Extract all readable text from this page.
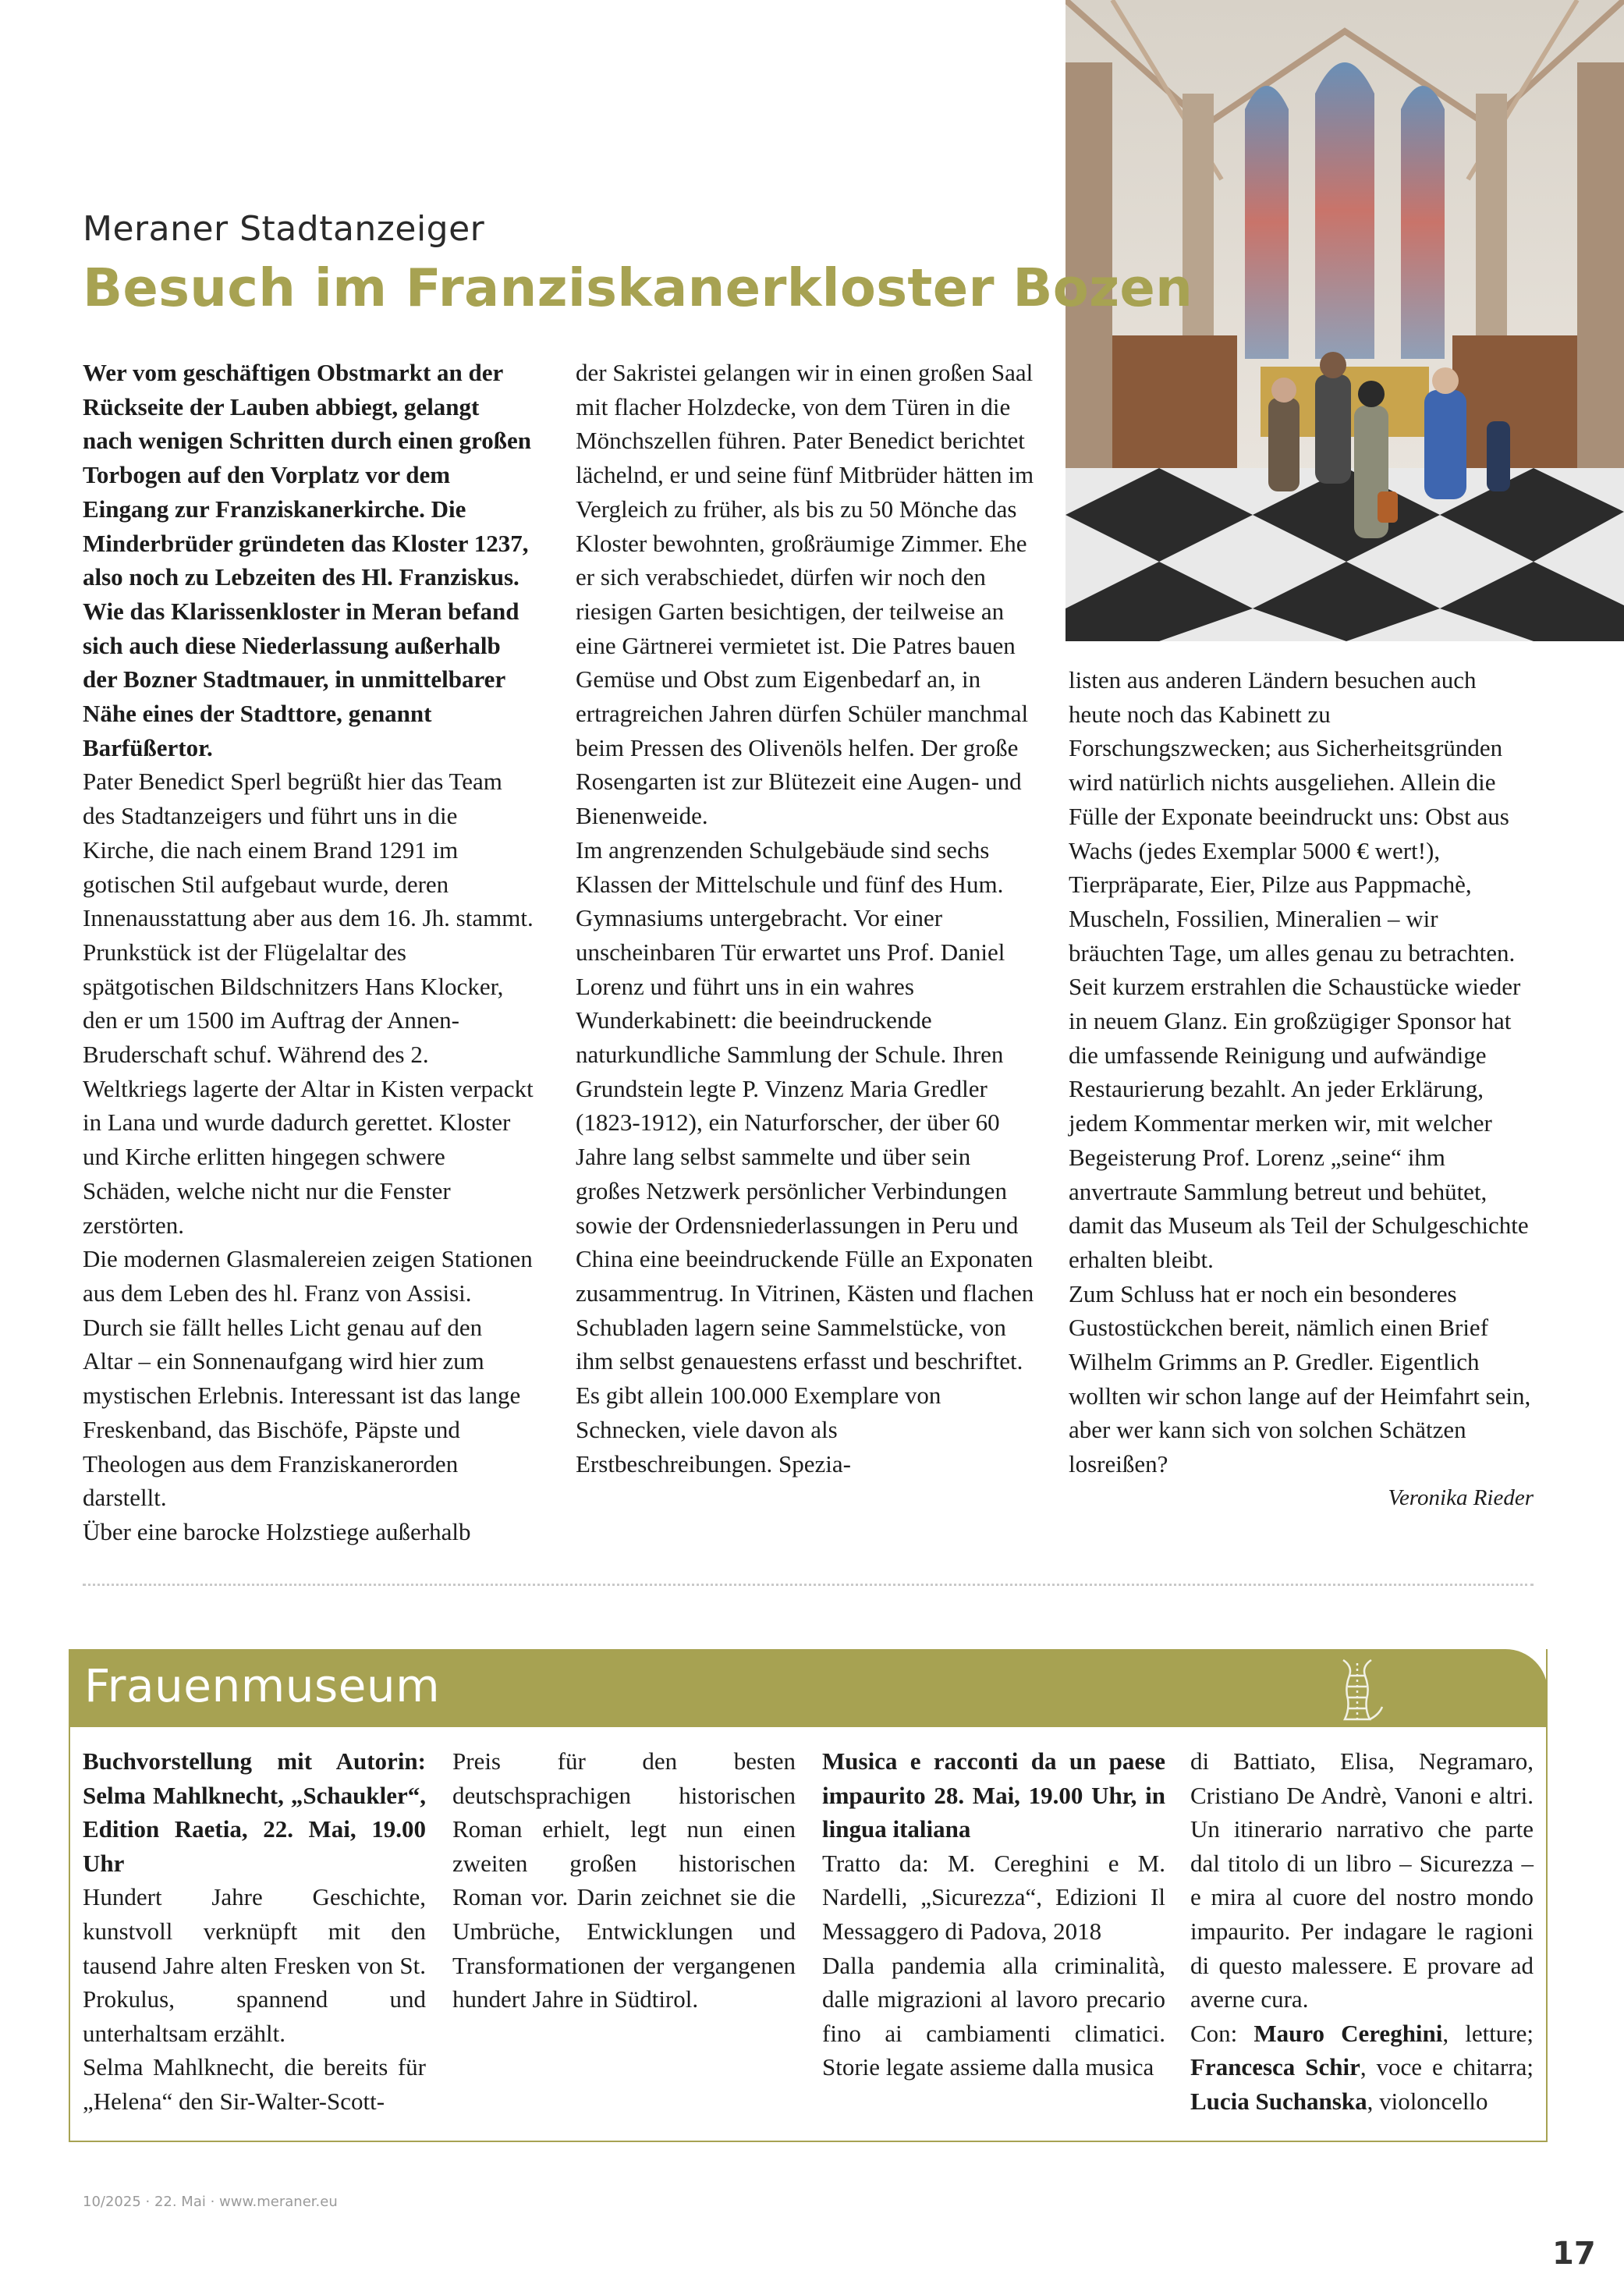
Meraner Stadtanzeiger
Besuch im Franziskanerkloster Bozen

Wer vom geschäftigen Obstmarkt an der Rückseite der Lauben abbiegt, gelangt nach wenigen Schritten durch einen großen Torbogen auf den Vorplatz vor dem Eingang zur Franziskanerkirche. Die Minderbrüder gründeten das Kloster 1237, also noch zu Lebzeiten des Hl. Franziskus. Wie das Klarissenkloster in Meran befand sich auch diese Niederlassung außerhalb der Bozner Stadtmauer, in unmittelbarer Nähe eines der Stadttore, genannt Barfüßertor.

Pater Benedict Sperl begrüßt hier das Team des Stadtanzeigers und führt uns in die Kirche, die nach einem Brand 1291 im gotischen Stil aufgebaut wurde, deren Innenausstattung aber aus dem 16. Jh. stammt. Prunkstück ist der Flügelaltar des spätgotischen Bildschnitzers Hans Klocker, den er um 1500 im Auftrag der Annen-Bruderschaft schuf. Während des 2. Weltkriegs lagerte der Altar in Kisten verpackt in Lana und wurde dadurch gerettet. Kloster und Kirche erlitten hingegen schwere Schäden, welche nicht nur die Fenster zerstörten.

Die modernen Glasmalereien zeigen Stationen aus dem Leben des hl. Franz von Assisi. Durch sie fällt helles Licht genau auf den Altar – ein Sonnenaufgang wird hier zum mystischen Erlebnis. Interessant ist das lange Freskenband, das Bischöfe, Päpste und Theologen aus dem Franziskanerorden darstellt.

Über eine barocke Holzstiege außerhalb

der Sakristei gelangen wir in einen großen Saal mit flacher Holzdecke, von dem Türen in die Mönchszellen führen. Pater Benedict berichtet lächelnd, er und seine fünf Mitbrüder hätten im Vergleich zu früher, als bis zu 50 Mönche das Kloster bewohnten, großräumige Zimmer. Ehe er sich verabschiedet, dürfen wir noch den riesigen Garten besichtigen, der teilweise an eine Gärtnerei vermietet ist. Die Patres bauen Gemüse und Obst zum Eigenbedarf an, in ertragreichen Jahren dürfen Schüler manchmal beim Pressen des Olivenöls helfen. Der große Rosengarten ist zur Blütezeit eine Augen- und Bienenweide.

Im angrenzenden Schulgebäude sind sechs Klassen der Mittelschule und fünf des Hum. Gymnasiums untergebracht. Vor einer unscheinbaren Tür erwartet uns Prof. Daniel Lorenz und führt uns in ein wahres Wunderkabinett: die beeindruckende naturkundliche Sammlung der Schule. Ihren Grundstein legte P. Vinzenz Maria Gredler (1823-1912), ein Naturforscher, der über 60 Jahre lang selbst sammelte und über sein großes Netzwerk persönlicher Verbindungen sowie der Ordensniederlassungen in Peru und China eine beeindruckende Fülle an Exponaten zusammentrug. In Vitrinen, Kästen und flachen Schubladen lagern seine Sammelstücke, von ihm selbst genauestens erfasst und beschriftet. Es gibt allein 100.000 Exemplare von Schnecken, viele davon als Erstbeschreibungen. Spezia-

listen aus anderen Ländern besuchen auch heute noch das Kabinett zu Forschungszwecken; aus Sicherheitsgründen wird natürlich nichts ausgeliehen. Allein die Fülle der Exponate beeindruckt uns: Obst aus Wachs (jedes Exemplar 5000 € wert!), Tierpräparate, Eier, Pilze aus Pappmachè, Muscheln, Fossilien, Mineralien – wir bräuchten Tage, um alles genau zu betrachten.

Seit kurzem erstrahlen die Schaustücke wieder in neuem Glanz. Ein großzügiger Sponsor hat die umfassende Reinigung und aufwändige Restaurierung bezahlt. An jeder Erklärung, jedem Kommentar merken wir, mit welcher Begeisterung Prof. Lorenz „seine“ ihm anvertraute Sammlung betreut und behütet, damit das Museum als Teil der Schulgeschichte erhalten bleibt.

Zum Schluss hat er noch ein besonderes Gustostückchen bereit, nämlich einen Brief Wilhelm Grimms an P. Gredler. Eigentlich wollten wir schon lange auf der Heimfahrt sein, aber wer kann sich von solchen Schätzen losreißen?

Veronika Rieder

Frauenmuseum

Buchvorstellung mit Autorin: Selma Mahlknecht, „Schaukler“, Edition Raetia, 22. Mai, 19.00 Uhr

Hundert Jahre Geschichte, kunstvoll verknüpft mit den tausend Jahre alten Fresken von St. Prokulus, spannend und unterhaltsam erzählt.

Selma Mahlknecht, die bereits für „Helena“ den Sir-Walter-Scott-

Preis für den besten deutschsprachigen historischen Roman erhielt, legt nun einen zweiten großen historischen Roman vor. Darin zeichnet sie die Umbrüche, Entwicklungen und Transformationen der vergangenen hundert Jahre in Südtirol.

Musica e racconti da un paese impaurito 28. Mai, 19.00 Uhr, in lingua italiana

Tratto da: M. Cereghini e M. Nardelli, „Sicurezza“, Edizioni Il Messaggero di Padova, 2018

Dalla pandemia alla criminalità, dalle migrazioni al lavoro precario fino ai cambiamenti climatici. Storie legate assieme dalla musica

di Battiato, Elisa, Negramaro, Cristiano De Andrè, Vanoni e altri. Un itinerario narrativo che parte dal titolo di un libro – Sicurezza – e mira al cuore del nostro mondo impaurito. Per indagare le ragioni di questo malessere. E provare ad averne cura.

Con: Mauro Cereghini, letture; Francesca Schir, voce e chitarra; Lucia Suchanska, violoncello

10/2025 · 22. Mai · www.meraner.eu
17
